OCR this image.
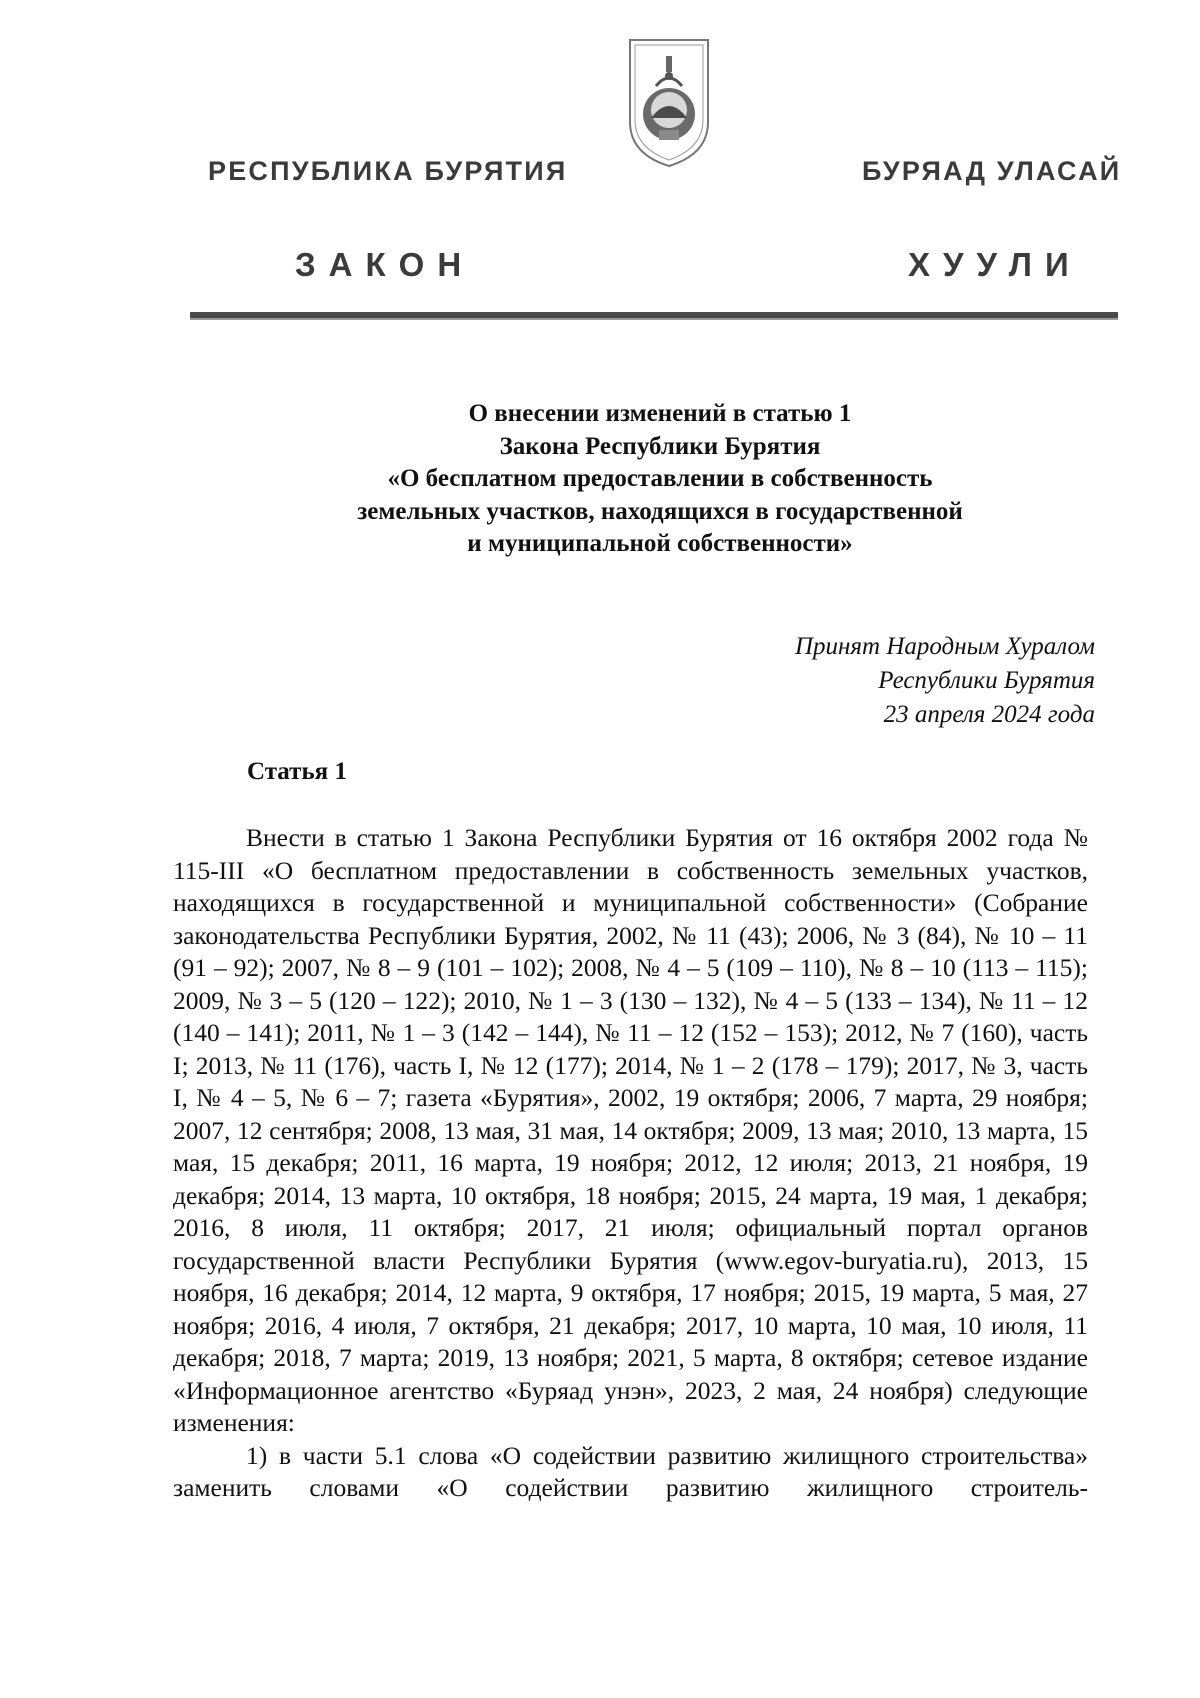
РЕСПУБЛИКА БУРЯТИЯ	БУРЯАД УЛАСАЙ
ЗАКОН	ХУУЛИ
О внесении изменений в статью 1
Закона Республики Бурятия
«О бесплатном предоставлении в собственность
земельных участков, находящихся в государственной
и муниципальной собственности»
Принят Народным Хуралом
Республики Бурятия
23 апреля 2024 года
Статья 1

Внести в статью 1 Закона Республики Бурятия от 16 октября 2002 года № 115-III «О бесплатном предоставлении в собственность земельных участков, находящихся в государственной и муниципальной собственности» (Собрание законодательства Республики Бурятия, 2002, № 11 (43); 2006, № 3 (84), № 10 – 11 (91 – 92); 2007, № 8 – 9 (101 – 102); 2008, № 4 – 5 (109 – 110), № 8 – 10 (113 – 115); 2009, № 3 – 5 (120 – 122); 2010, № 1 – 3 (130 – 132), № 4 – 5 (133 – 134), № 11 – 12 (140 – 141); 2011, № 1 – 3 (142 – 144), № 11 – 12 (152 – 153); 2012, № 7 (160), часть I; 2013, № 11 (176), часть I, № 12 (177); 2014, № 1 – 2 (178 – 179); 2017, № 3, часть I, № 4 – 5, № 6 – 7; газета «Бурятия», 2002, 19 октября; 2006, 7 марта, 29 ноября; 2007, 12 сентября; 2008, 13 мая, 31 мая, 14 октября; 2009, 13 мая; 2010, 13 марта, 15 мая, 15 декабря; 2011, 16 марта, 19 ноября; 2012, 12 июля; 2013, 21 ноября, 19 декабря; 2014, 13 марта, 10 октября, 18 ноября; 2015, 24 марта, 19 мая, 1 декабря; 2016, 8 июля, 11 октября; 2017, 21 июля; официальный портал органов государственной власти Республики Бурятия (www.egov-buryatia.ru), 2013, 15 ноября, 16 декабря; 2014, 12 марта, 9 октября, 17 ноября; 2015, 19 марта, 5 мая, 27 ноября; 2016, 4 июля, 7 октября, 21 декабря; 2017, 10 марта, 10 мая, 10 июля, 11 декабря; 2018, 7 марта; 2019, 13 ноября; 2021, 5 марта, 8 октября; сетевое издание «Информационное агентство «Буряад унэн», 2023, 2 мая, 24 ноября) следующие изменения:

1) в части 5.1 слова «О содействии развитию жилищного строительства» заменить словами «О содействии развитию жилищного строитель-
